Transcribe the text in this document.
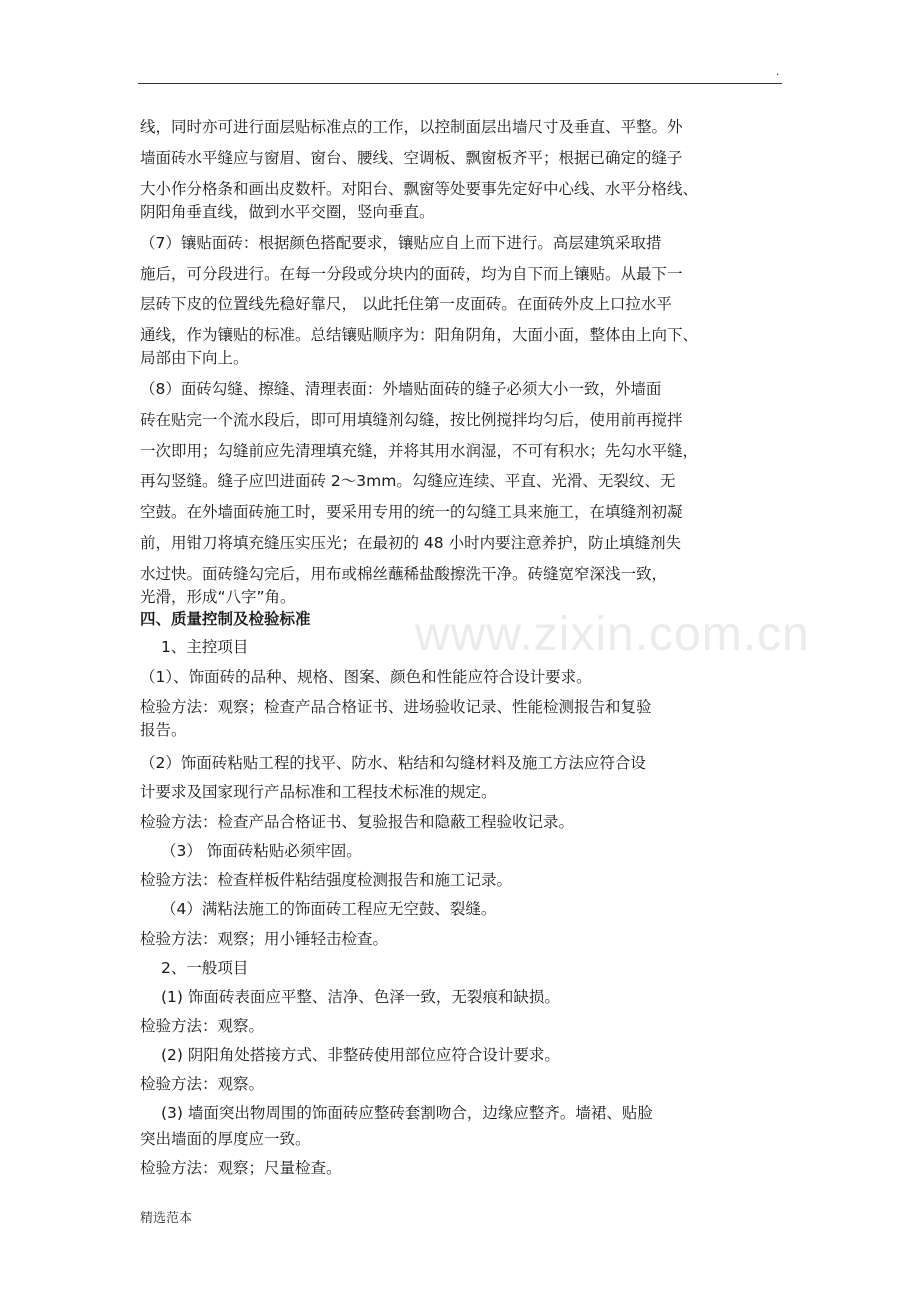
.
www.zixin.com.cn
线，同时亦可进行面层贴标准点的工作，以控制面层出墙尺寸及垂直、平整。外
墙面砖水平缝应与窗眉、窗台、腰线、空调板、飘窗板齐平；根据已确定的缝子
大小作分格条和画出皮数杆。对阳台、飘窗等处要事先定好中心线、水平分格线、
阴阳角垂直线，做到水平交圈，竖向垂直。
（7）镶贴面砖：根据颜色搭配要求，镶贴应自上而下进行。高层建筑采取措
施后，可分段进行。在每一分段或分块内的面砖，均为自下而上镶贴。从最下一
层砖下皮的位置线先稳好靠尺， 以此托住第一皮面砖。在面砖外皮上口拉水平
通线，作为镶贴的标准。总结镶贴顺序为：阳角阴角，大面小面，整体由上向下、
局部由下向上。
（8）面砖勾缝、擦缝、清理表面：外墙贴面砖的缝子必须大小一致，外墙面
砖在贴完一个流水段后，即可用填缝剂勾缝，按比例搅拌均匀后，使用前再搅拌
一次即用；勾缝前应先清理填充缝，并将其用水润湿，不可有积水；先勾水平缝，
再勾竖缝。缝子应凹进面砖 2～3mm。勾缝应连续、平直、光滑、无裂纹、无
空鼓。在外墙面砖施工时，要采用专用的统一的勾缝工具来施工，在填缝剂初凝
前，用钳刀将填充缝压实压光；在最初的 48 小时内要注意养护，防止填缝剂失
水过快。面砖缝勾完后，用布或棉丝蘸稀盐酸擦洗干净。砖缝宽窄深浅一致，
光滑，形成“八字”角。
四、质量控制及检验标准
1、主控项目
（1）、饰面砖的品种、规格、图案、颜色和性能应符合设计要求。
检验方法：观察；检查产品合格证书、进场验收记录、性能检测报告和复验
报告。
（2）饰面砖粘贴工程的找平、防水、粘结和勾缝材料及施工方法应符合设
计要求及国家现行产品标准和工程技术标准的规定。
检验方法：检查产品合格证书、复验报告和隐蔽工程验收记录。
（3） 饰面砖粘贴必须牢固。
检验方法：检查样板件粘结强度检测报告和施工记录。
（4）满粘法施工的饰面砖工程应无空鼓、裂缝。
检验方法：观察；用小锤轻击检查。
2、一般项目
(1) 饰面砖表面应平整、洁净、色泽一致，无裂痕和缺损。
检验方法：观察。
(2) 阴阳角处搭接方式、非整砖使用部位应符合设计要求。
检验方法：观察。
(3) 墙面突出物周围的饰面砖应整砖套割吻合，边缘应整齐。墙裙、贴脸
突出墙面的厚度应一致。
检验方法：观察；尺量检查。
精选范本
